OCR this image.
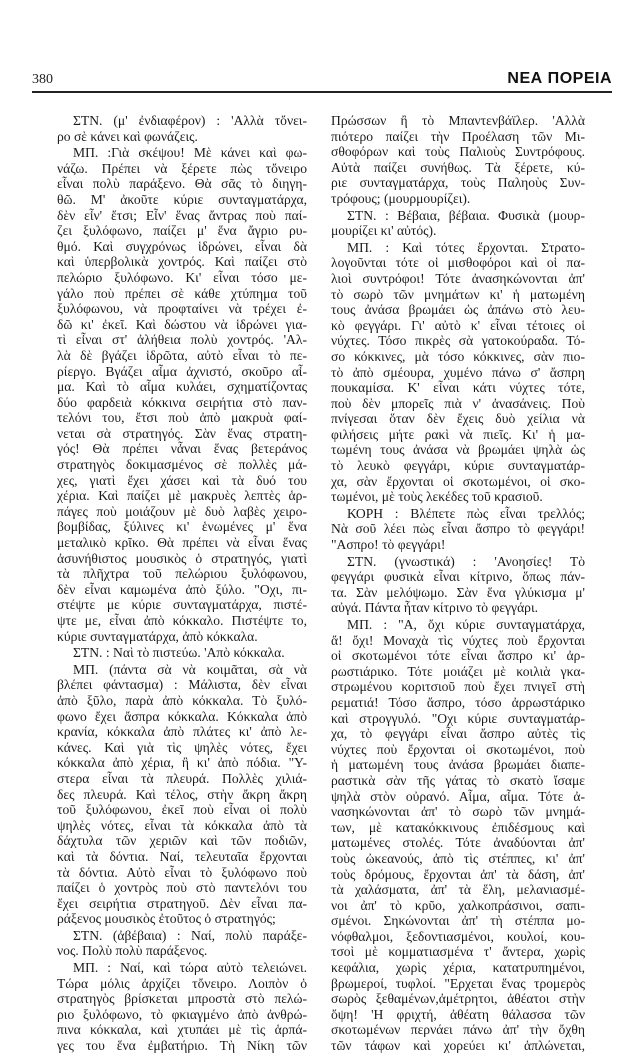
380	ΝΕΑ ΠΟΡΕΙΑ
ΣΤΝ. (μ' ἐνδιαφέρον) : 'Αλλὰ τὄνει-
ρο σὲ κάνει καὶ φωνάζεις.
ΜΠ. :Γιὰ σκέψου! Μὲ κάνει καὶ φω-
νάζω. Πρέπει νὰ ξέρετε πὼς τὄνειρο
εἶναι πολὺ παράξενο. Θὰ σᾶς τὸ διηγη-
θῶ. Μ' ἀκοῦτε κύριε συνταγματάρχα,
δὲν εἶν' ἔτσι; Εἶν' ἕνας ἄντρας ποὺ παί-
ζει ξυλόφωνο, παίζει μ' ἕνα ἄγριο ρυ-
θμό. Καὶ συγχρόνως ἱδρώνει, εἶναι δὰ
καὶ ὑπερβολικὰ χοντρός. Καὶ παίζει στὸ
πελώριο ξυλόφωνο. Κι' εἶναι τόσο με-
γάλο ποὺ πρέπει σὲ κάθε χτύπημα τοῦ
ξυλόφωνου, νὰ προφταίνει νὰ τρέχει ἐ-
δῶ κι' ἐκεῖ. Καὶ δώστου νὰ ἱδρώνει για-
τὶ εἶναι στ' ἀλήθεια πολὺ χοντρός. 'Αλ-
λὰ δὲ βγάζει ἱδρῶτα, αὐτὸ εἶναι τὸ πε-
ρίεργο. Βγάζει αἷμα ἀχνιστό, σκοῦρο αἷ-
μα. Καὶ τὸ αἷμα κυλάει, σχηματίζοντας
δύο φαρδειὰ κόκκινα σειρήτια στὸ παν-
τελόνι του, ἔτσι ποὺ ἀπὸ μακρυὰ φαί-
νεται σὰ στρατηγός. Σὰν ἕνας στρατη-
γός! Θὰ πρέπει νἆναι ἕνας βετεράνος
στρατηγὸς δοκιμασμένος σὲ πολλὲς μά-
χες, γιατὶ ἔχει χάσει καὶ τὰ δυό του
χέρια. Καὶ παίζει μὲ μακρυὲς λεπτὲς ἁρ-
πάγες ποὺ μοιάζουν μὲ δυὸ λαβὲς χειρο-
βομβίδας, ξύλινες κι' ἑνωμένες μ' ἕνα
μεταλικὸ κρῖκο. Θὰ πρέπει νὰ εἶναι ἕνας
ἀσυνήθιστος μουσικὸς ὁ στρατηγός, γιατὶ
τὰ πλῆχτρα τοῦ πελώριου ξυλόφωνου,
δὲν εἶναι καμωμένα ἀπὸ ξύλο. "Οχι, πι-
στέψτε με κύριε συνταγματάρχα, πιστέ-
ψτε με, εἶναι ἀπὸ κόκκαλο. Πιστέψτε το,
κύριε συνταγματάρχα, ἀπὸ κόκκαλα.
ΣΤΝ. : Ναὶ τὸ πιστεύω. 'Απὸ κόκκαλα.
ΜΠ. (πάντα σὰ νὰ κοιμᾶται, σὰ νὰ
βλέπει φάντασμα) : Μάλιστα, δὲν εἶναι
ἀπὸ ξῦλο, παρὰ ἀπὸ κόκκαλα. Τὸ ξυλό-
φωνο ἔχει ἄσπρα κόκκαλα. Κόκκαλα ἀπὸ
κρανία, κόκκαλα ἀπὸ πλάτες κι' ἀπὸ λε-
κάνες. Καὶ γιὰ τὶς ψηλὲς νότες, ἔχει
κόκκαλα ἀπὸ χέρια, ἢ κι' ἀπὸ πόδια. "Υ-
στερα εἶναι τὰ πλευρά. Πολλὲς χιλιά-
δες πλευρά. Καὶ τέλος, στὴν ἄκρη ἄκρη
τοῦ ξυλόφωνου, ἐκεῖ ποὺ εἶναι οἱ πολὺ
ψηλὲς νότες, εἶναι τὰ κόκκαλα ἀπὸ τὰ
δάχτυλα τῶν χεριῶν καὶ τῶν ποδιῶν,
καὶ τὰ δόντια. Ναί, τελευταῖα ἔρχονται
τὰ δόντια. Αὐτὸ εἶναι τὸ ξυλόφωνο ποὺ
παίζει ὁ χοντρὸς ποὺ στὸ παντελόνι του
ἔχει σειρήτια στρατηγοῦ. Δὲν εἶναι πα-
ράξενος μουσικὸς ἐτοῦτος ὁ στρατηγός;
ΣΤΝ. (ἀβέβαια) : Ναί, πολὺ παράξε-
νος. Πολὺ πολὺ παράξενος.
ΜΠ. : Ναί, καὶ τώρα αὐτὸ τελειώνει.
Τώρα μόλις ἀρχίζει τὄνειρο. Λοιπὸν ὁ
στρατηγὸς βρίσκεται μπροστὰ στὸ πελώ-
ριο ξυλόφωνο, τὸ φκιαγμένο ἀπὸ ἀνθρώ-
πινα κόκκαλα, καὶ χτυπάει μὲ τὶς ἁρπά-
γες του ἕνα ἐμβατήριο. Τὴ Νίκη τῶν
Πρώσσων ἢ τὸ Μπαντενβάϊλερ. 'Αλλὰ
πιότερο παίζει τὴν Προέλαση τῶν Μι-
σθοφόρων καὶ τοὺς Παλιοὺς Συντρόφους.
Αὐτὰ παίζει συνήθως. Τὰ ξέρετε, κύ-
ριε συνταγματάρχα, τοὺς Παληοὺς Συν-
τρόφους; (μουρμουρίζει).
ΣΤΝ. : Βέβαια, βέβαια. Φυσικὰ (μουρ-
μουρίζει κι' αὐτός).
ΜΠ. : Καὶ τότες ἔρχονται. Στρατο-
λογοῦνται τότε οἱ μισθοφόροι καὶ οἱ πα-
λιοὶ συντρόφοι! Τότε ἀνασηκώνονται ἀπ'
τὸ σωρὸ τῶν μνημάτων κι' ἡ ματωμένη
τους ἀνάσα βρωμάει ὡς ἀπάνω στὸ λευ-
κὸ φεγγάρι. Γι' αὐτὸ κ' εἶναι τέτοιες οἱ
νύχτες. Τόσο πικρὲς σὰ γατοκούραδα. Τό-
σο κόκκινες, μὰ τόσο κόκκινες, σὰν πιο-
τὸ ἀπὸ σμέουρα, χυμένο πάνω σ' ἄσπρη
πουκαμίσα. Κ' εἶναι κάτι νύχτες τότε,
ποὺ δὲν μπορεῖς πιὰ ν' ἀνασάνεις. Ποὺ
πνίγεσαι ὅταν δὲν ἔχεις δυὸ χείλια νὰ
φιλήσεις μήτε ρακὶ νὰ πιεῖς. Κι' ἡ μα-
τωμένη τους ἀνάσα νὰ βρωμάει ψηλὰ ὡς
τὸ λευκὸ φεγγάρι, κύριε συνταγματάρ-
χα, σὰν ἔρχονται οἱ σκοτωμένοι, οἱ σκο-
τωμένοι, μὲ τοὺς λεκέδες τοῦ κρασιοῦ.
ΚΟΡΗ : Βλέπετε πὼς εἶναι τρελλός;
Νὰ σοῦ λέει πὼς εἶναι ἄσπρο τὸ φεγγάρι!
"Ασπρο! τὸ φεγγάρι!
ΣΤΝ. (γνωστικά) : 'Ανοησίες! Τὸ
φεγγάρι φυσικὰ εἶναι κίτρινο, ὅπως πάν-
τα. Σὰν μελόψωμο. Σὰν ἕνα γλύκισμα μ'
αὐγά. Πάντα ἦταν κίτρινο τὸ φεγγάρι.
ΜΠ. : "Α, ὄχι κύριε συνταγματάρχα,
ἄ! ὄχι! Μοναχὰ τὶς νύχτες ποὺ ἔρχονται
οἱ σκοτωμένοι τότε εἶναι ἄσπρο κι' ἀρ-
ρωστιάρικο. Τότε μοιάζει μὲ κοιλιὰ γκα-
στρωμένου κοριτσιοῦ ποὺ ἔχει πνιγεῖ στὴ
ρεματιά! Τόσο ἄσπρο, τόσο ἀρρωστάρικο
καὶ στρογγυλό. "Οχι κύριε συνταγματάρ-
χα, τὸ φεγγάρι εἶναι ἄσπρο αὐτὲς τὶς
νύχτες ποὺ ἔρχονται οἱ σκοτωμένοι, ποὺ
ἡ ματωμένη τους ἀνάσα βρωμάει διαπε-
ραστικὰ σὰν τῆς γάτας τὸ σκατὸ ἴσαμε
ψηλὰ στὸν οὐρανό. Αἷμα, αἷμα. Τότε ἀ-
νασηκώνονται ἀπ' τὸ σωρὸ τῶν μνημά-
των, μὲ κατακόκκινους ἐπιδέσμους καὶ
ματωμένες στολές. Τότε ἀναδύονται ἀπ'
τοὺς ὠκεανούς, ἀπὸ τὶς στέππες, κι' ἀπ'
τοὺς δρόμους, ἔρχονται ἀπ' τὰ δάση, ἀπ'
τὰ χαλάσματα, ἀπ' τὰ ἕλη, μελανιασμέ-
νοι ἀπ' τὸ κρῦο, χαλκοπράσινοι, σαπι-
σμένοι. Σηκώνονται ἀπ' τὴ στέππα μο-
νόφθαλμοι, ξεδοντιασμένοι, κουλοί, κου-
τσοὶ μὲ κομματιασμένα τ' ἄντερα, χωρὶς
κεφάλια, χωρὶς χέρια, κατατρυπημένοι,
βρωμεροί, τυφλοί. "Ερχεται ἕνας τρομερὸς
σωρὸς ξεθαμένων,ἀμέτρητοι, ἀθέατοι στὴν
ὄψη! 'Η φριχτή, ἀθέατη θάλασσα τῶν
σκοτωμένων περνάει πάνω ἀπ' τὴν ὄχθη
τῶν τάφων καὶ χορεύει κι' ἁπλώνεται,
